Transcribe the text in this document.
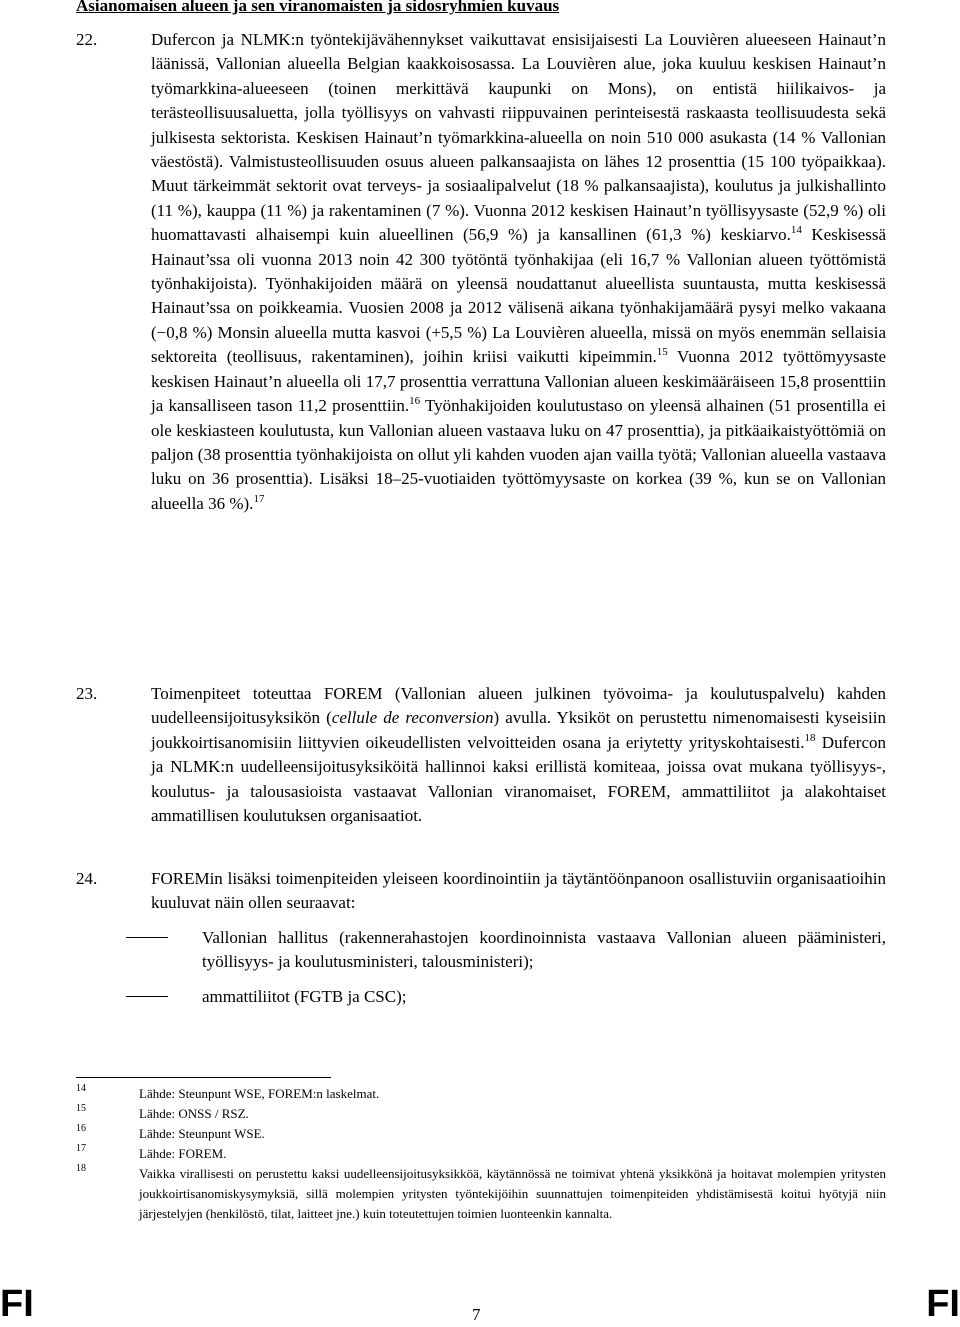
Asianomaisen alueen ja sen viranomaisten ja sidosryhmien kuvaus
22.	Dufercon ja NLMK:n työntekijävähennykset vaikuttavat ensisijaisesti La Louvièren alueeseen Hainaut’n läänissä, Vallonian alueella Belgian kaakkoisosassa. La Louvièren alue, joka kuuluu keskisen Hainaut’n työmarkkina-alueeseen (toinen merkittävä kaupunki on Mons), on entistä hiilikaivos- ja terästeollisuusaluetta, jolla työllisyys on vahvasti riippuvainen perinteisestä raskaasta teollisuudesta sekä julkisesta sektorista. Keskisen Hainaut’n työmarkkina-alueella on noin 510 000 asukasta (14 % Vallonian väestöstä). Valmistusteollisuuden osuus alueen palkansaajista on lähes 12 prosenttia (15 100 työpaikkaa). Muut tärkeimmät sektorit ovat terveys- ja sosiaalipalvelut (18 % palkansaajista), koulutus ja julkishallinto (11 %), kauppa (11 %) ja rakentaminen (7 %). Vuonna 2012 keskisen Hainaut’n työllisyysaste (52,9 %) oli huomattavasti alhaisempi kuin alueellinen (56,9 %) ja kansallinen (61,3 %) keskiarvo.$^{14}$ Keskisessä Hainaut’ssa oli vuonna 2013 noin 42 300 työtöntä työnhakijaa (eli 16,7 % Vallonian alueen työttömistä työnhakijoista). Työnhakijoiden määrä on yleensä noudattanut alueellista suuntausta, mutta keskisessä Hainaut’ssa on poikkeamia. Vuosien 2008 ja 2012 välisenä aikana työnhakijamäärä pysyi melko vakaana (−0,8 %) Monsin alueella mutta kasvoi (+5,5 %) La Louvièren alueella, missä on myös enemmän sellaisia sektoreita (teollisuus, rakentaminen), joihin kriisi vaikutti kipeimmin.$^{15}$ Vuonna 2012 työttömyysaste keskisen Hainaut’n alueella oli 17,7 prosenttia verrattuna Vallonian alueen keskimääräiseen 15,8 prosenttiin ja kansalliseen tason 11,2 prosenttiin.$^{16}$ Työnhakijoiden koulutustaso on yleensä alhainen (51 prosentilla ei ole keskiasteen koulutusta, kun Vallonian alueen vastaava luku on 47 prosenttia), ja pitkäaikaistyöttömiä on paljon (38 prosenttia työnhakijoista on ollut yli kahden vuoden ajan vailla työtä; Vallonian alueella vastaava luku on 36 prosenttia). Lisäksi 18–25-vuotiaiden työttömyysaste on korkea (39 %, kun se on Vallonian alueella 36 %).$^{17}$
23.	Toimenpiteet toteuttaa FOREM (Vallonian alueen julkinen työvoima- ja koulutuspalvelu) kahden uudelleensijoitusyksikön (cellule de reconversion) avulla. Yksiköt on perustettu nimenomaisesti kyseisiin joukkoirtisanomisiin liittyvien oikeudellisten velvoitteiden osana ja eriytetty yrityskohtaisesti.$^{18}$ Dufercon ja NLMK:n uudelleensijoitusyksiköitä hallinnoi kaksi erillistä komiteaa, joissa ovat mukana työllisyys-, koulutus- ja talousasioista vastaavat Vallonian viranomaiset, FOREM, ammattiliitot ja alakohtaiset ammatillisen koulutuksen organisaatiot.
24.	FOREMin lisäksi toimenpiteiden yleiseen koordinointiin ja täytäntöönpanoon osallistuviin organisaatioihin kuuluvat näin ollen seuraavat:
Vallonian hallitus (rakennerahastojen koordinoinnista vastaava Vallonian alueen pääministeri, työllisyys- ja koulutusministeri, talousministeri);
ammattiliitot (FGTB ja CSC);
14	Lähde: Steunpunt WSE, FOREM:n laskelmat.
15	Lähde: ONSS / RSZ.
16	Lähde: Steunpunt WSE.
17	Lähde: FOREM.
18	Vaikka virallisesti on perustettu kaksi uudelleensijoitusyksikköä, käytännössä ne toimivat yhtenä yksikkönä ja hoitavat molempien yritysten joukkoirtisanomiskysymyksiä, sillä molempien yritysten työntekijöihin suunnattujen toimenpiteiden yhdistämisestä koitui hyötyjä niin järjestelyjen (henkilöstö, tilat, laitteet jne.) kuin toteutettujen toimien luonteenkin kannalta.
FI	7	FI
